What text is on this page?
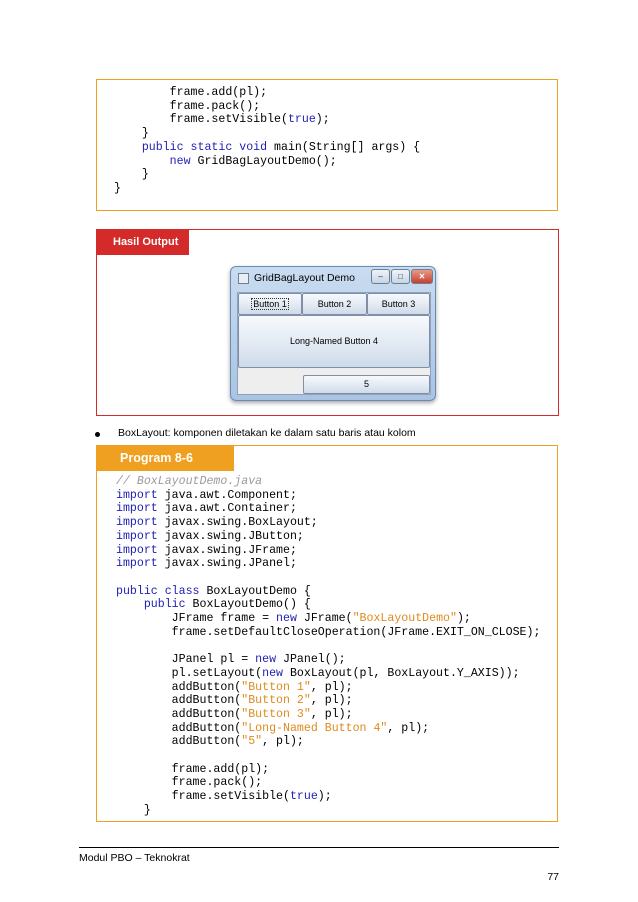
frame.add(pl);
frame.pack();
frame.setVisible(true);
}
public static void main(String[] args) {
new GridBagLayoutDemo();
}
}
Hasil Output
GridBagLayout Demo	–	□	✕
Button 1	Button 2	Button 3
Long-Named Button 4
5
BoxLayout: komponen diletakan ke dalam satu baris atau kolom
Program 8-6
// BoxLayoutDemo.java
import java.awt.Component;
import java.awt.Container;
import javax.swing.BoxLayout;
import javax.swing.JButton;
import javax.swing.JFrame;
import javax.swing.JPanel;

public class BoxLayoutDemo {
public BoxLayoutDemo() {
JFrame frame = new JFrame("BoxLayoutDemo");
frame.setDefaultCloseOperation(JFrame.EXIT_ON_CLOSE);

JPanel pl = new JPanel();
pl.setLayout(new BoxLayout(pl, BoxLayout.Y_AXIS));
addButton("Button 1", pl);
addButton("Button 2", pl);
addButton("Button 3", pl);
addButton("Long-Named Button 4", pl);
addButton("5", pl);

frame.add(pl);
frame.pack();
frame.setVisible(true);
}
Modul PBO – Teknokrat
77
